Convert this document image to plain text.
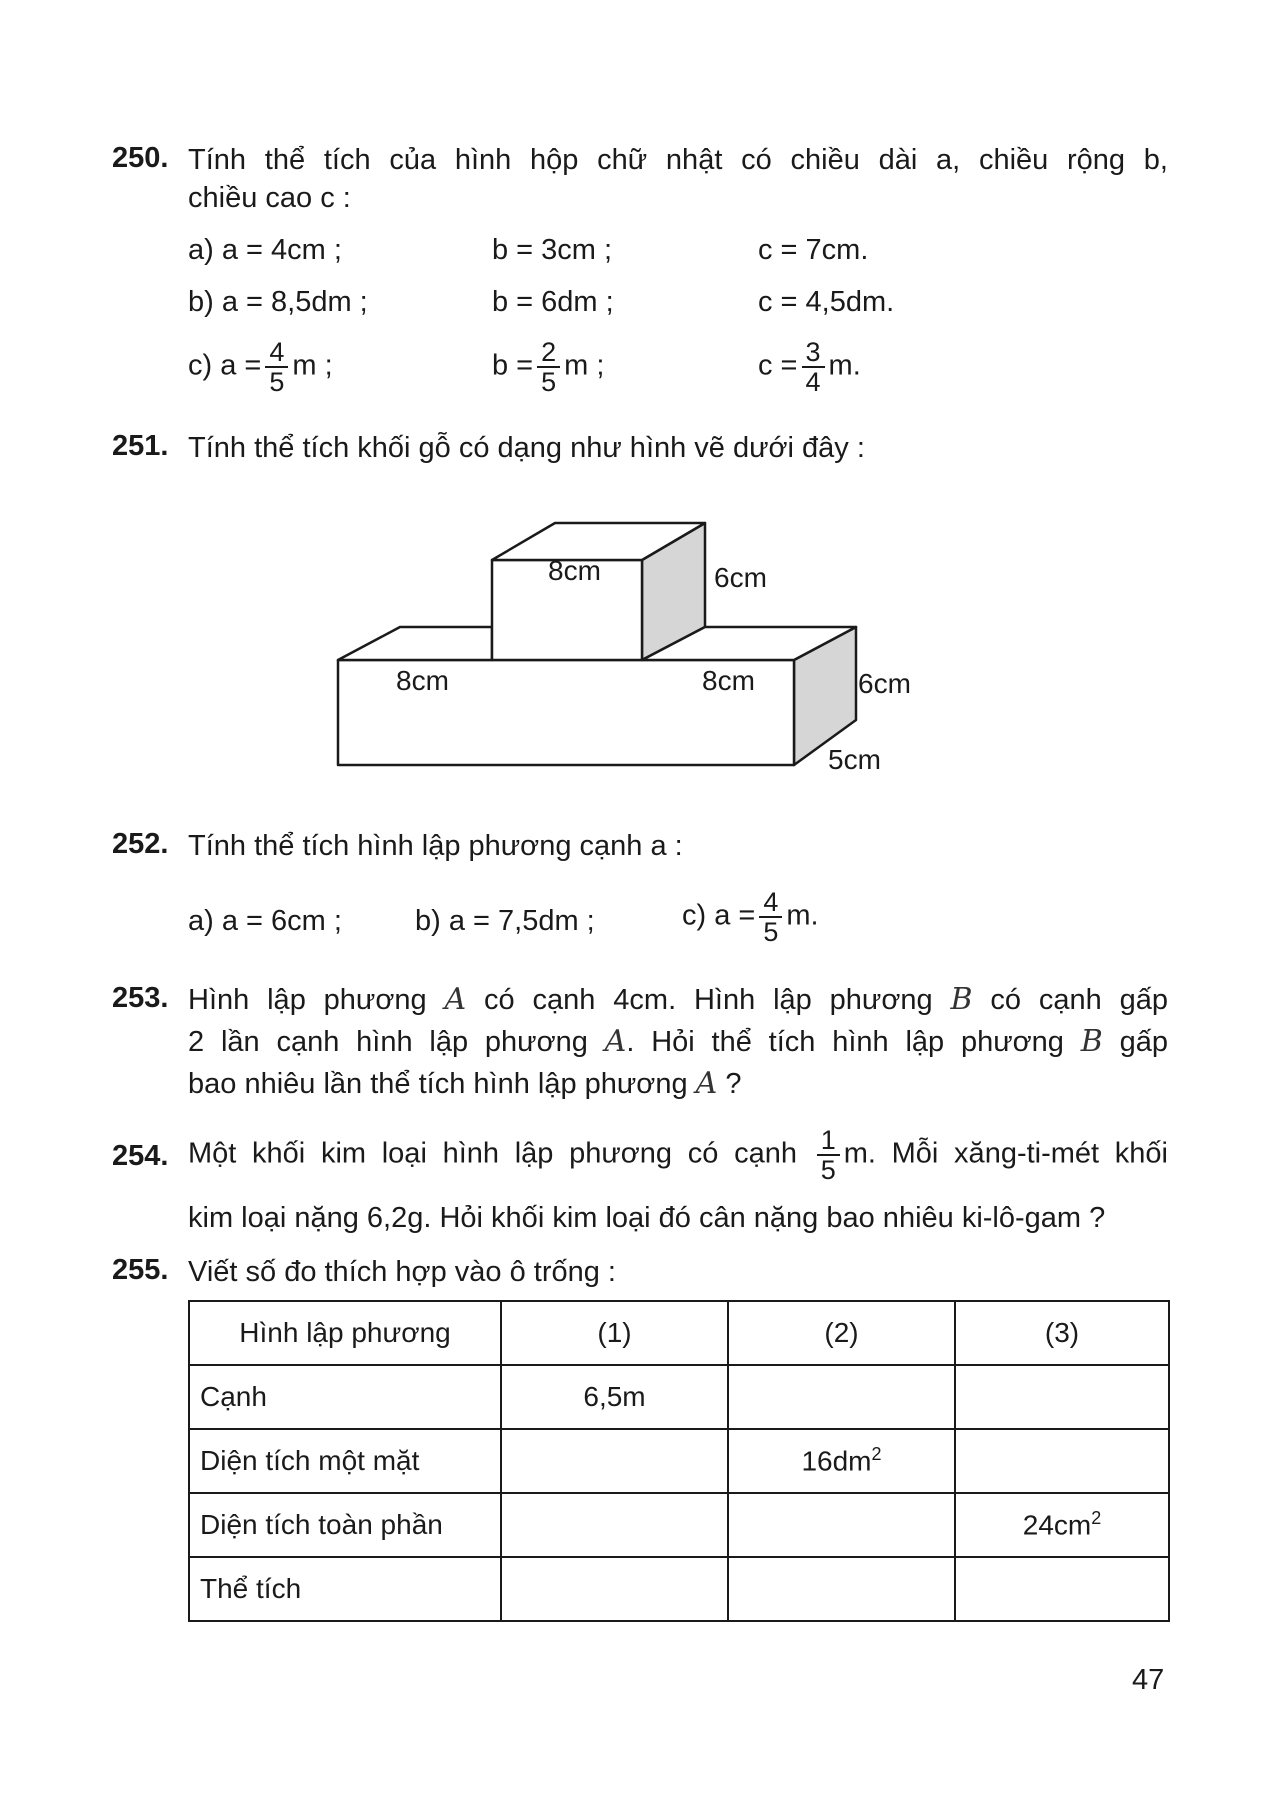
250. Tính thể tích của hình hộp chữ nhật có chiều dài a, chiều rộng b,
chiều cao c :
a) a = 4cm ;	b = 3cm ;	c = 7cm.
b) a = 8,5dm ;	b = 6dm ;	c = 4,5dm.
c) $a = \frac{4}{5}$ m ;	$b = \frac{2}{5}$ m ;	$c = \frac{3}{4} m$.
251. Tính thể tích khối gỗ có dạng như hình vẽ dưới đây :
8cm	6cm
8cm	8cm	6cm
5cm
252. Tính thể tích hình lập phương cạnh a :
a) a = 6cm ;	b) a = 7,5dm ;	c) $a = \frac{4}{5} m$.
253. Hình lập phương A có cạnh 4cm. Hình lập phương B có cạnh gấp
2 lần cạnh hình lập phương A. Hỏi thể tích hình lập phương B gấp
bao nhiêu lần thể tích hình lập phương A ?
254. Một khối kim loại hình lập phương có cạnh $\frac{1}{5} m$. Mỗi xăng-ti-mét khối
kim loại nặng 6,2g. Hỏi khối kim loại đó cân nặng bao nhiêu ki-lô-gam ?
255. Viết số đo thích hợp vào ô trống :
Hình lập phương	(1)	(2)	(3)
Cạnh	6,5m		
Diện tích một mặt		$16dm^2$	
Diện tích toàn phần			$24cm^2$
Thể tích			
47
